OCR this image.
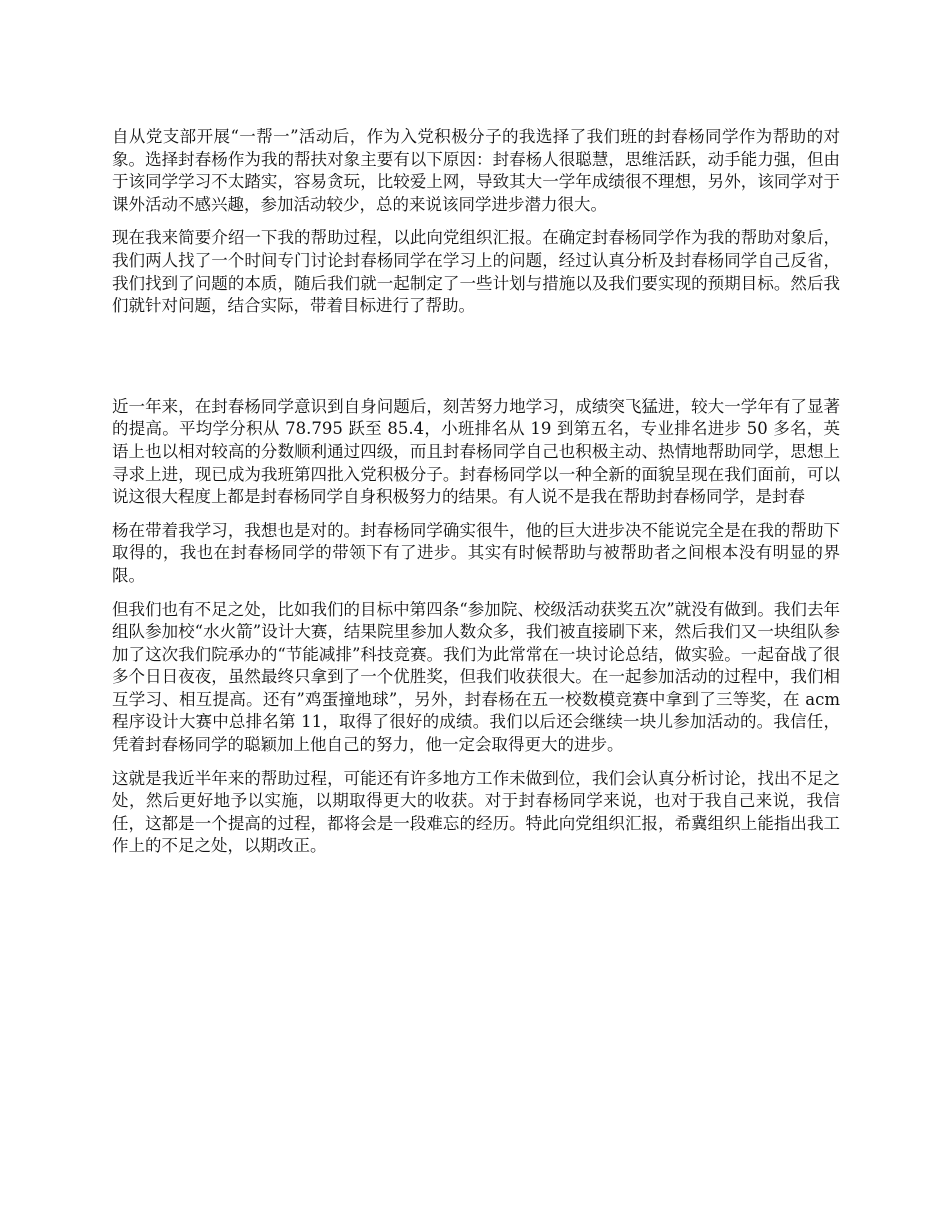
自从党支部开展“一帮一”活动后，作为入党积极分子的我选择了我们班的封春杨同学作为帮助的对象。选择封春杨作为我的帮扶对象主要有以下原因：封春杨人很聪慧，思维活跃，动手能力强，但由于该同学学习不太踏实，容易贪玩，比较爱上网，导致其大一学年成绩很不理想，另外，该同学对于课外活动不感兴趣，参加活动较少，总的来说该同学进步潜力很大。

现在我来简要介绍一下我的帮助过程，以此向党组织汇报。在确定封春杨同学作为我的帮助对象后，我们两人找了一个时间专门讨论封春杨同学在学习上的问题，经过认真分析及封春杨同学自己反省，我们找到了问题的本质，随后我们就一起制定了一些计划与措施以及我们要实现的预期目标。然后我们就针对问题，结合实际，带着目标进行了帮助。

近一年来，在封春杨同学意识到自身问题后，刻苦努力地学习，成绩突飞猛进，较大一学年有了显著的提高。平均学分积从 78.795 跃至 85.4，小班排名从 19 到第五名，专业排名进步 50 多名，英语上也以相对较高的分数顺利通过四级，而且封春杨同学自己也积极主动、热情地帮助同学，思想上寻求上进，现已成为我班第四批入党积极分子。封春杨同学以一种全新的面貌呈现在我们面前，可以说这很大程度上都是封春杨同学自身积极努力的结果。有人说不是我在帮助封春杨同学，是封春

杨在带着我学习，我想也是对的。封春杨同学确实很牛，他的巨大进步决不能说完全是在我的帮助下取得的，我也在封春杨同学的带领下有了进步。其实有时候帮助与被帮助者之间根本没有明显的界限。

但我们也有不足之处，比如我们的目标中第四条“参加院、校级活动获奖五次”就没有做到。我们去年组队参加校“水火箭”设计大赛，结果院里参加人数众多，我们被直接刷下来，然后我们又一块组队参加了这次我们院承办的“节能减排”科技竞赛。我们为此常常在一块讨论总结，做实验。一起奋战了很多个日日夜夜，虽然最终只拿到了一个优胜奖，但我们收获很大。在一起参加活动的过程中，我们相互学习、相互提高。还有”鸡蛋撞地球”，另外，封春杨在五一校数模竞赛中拿到了三等奖，在 acm 程序设计大赛中总排名第 11，取得了很好的成绩。我们以后还会继续一块儿参加活动的。我信任，凭着封春杨同学的聪颖加上他自己的努力，他一定会取得更大的进步。

这就是我近半年来的帮助过程，可能还有许多地方工作未做到位，我们会认真分析讨论，找出不足之处，然后更好地予以实施，以期取得更大的收获。对于封春杨同学来说，也对于我自己来说，我信任，这都是一个提高的过程，都将会是一段难忘的经历。特此向党组织汇报，希冀组织上能指出我工作上的不足之处，以期改正。
